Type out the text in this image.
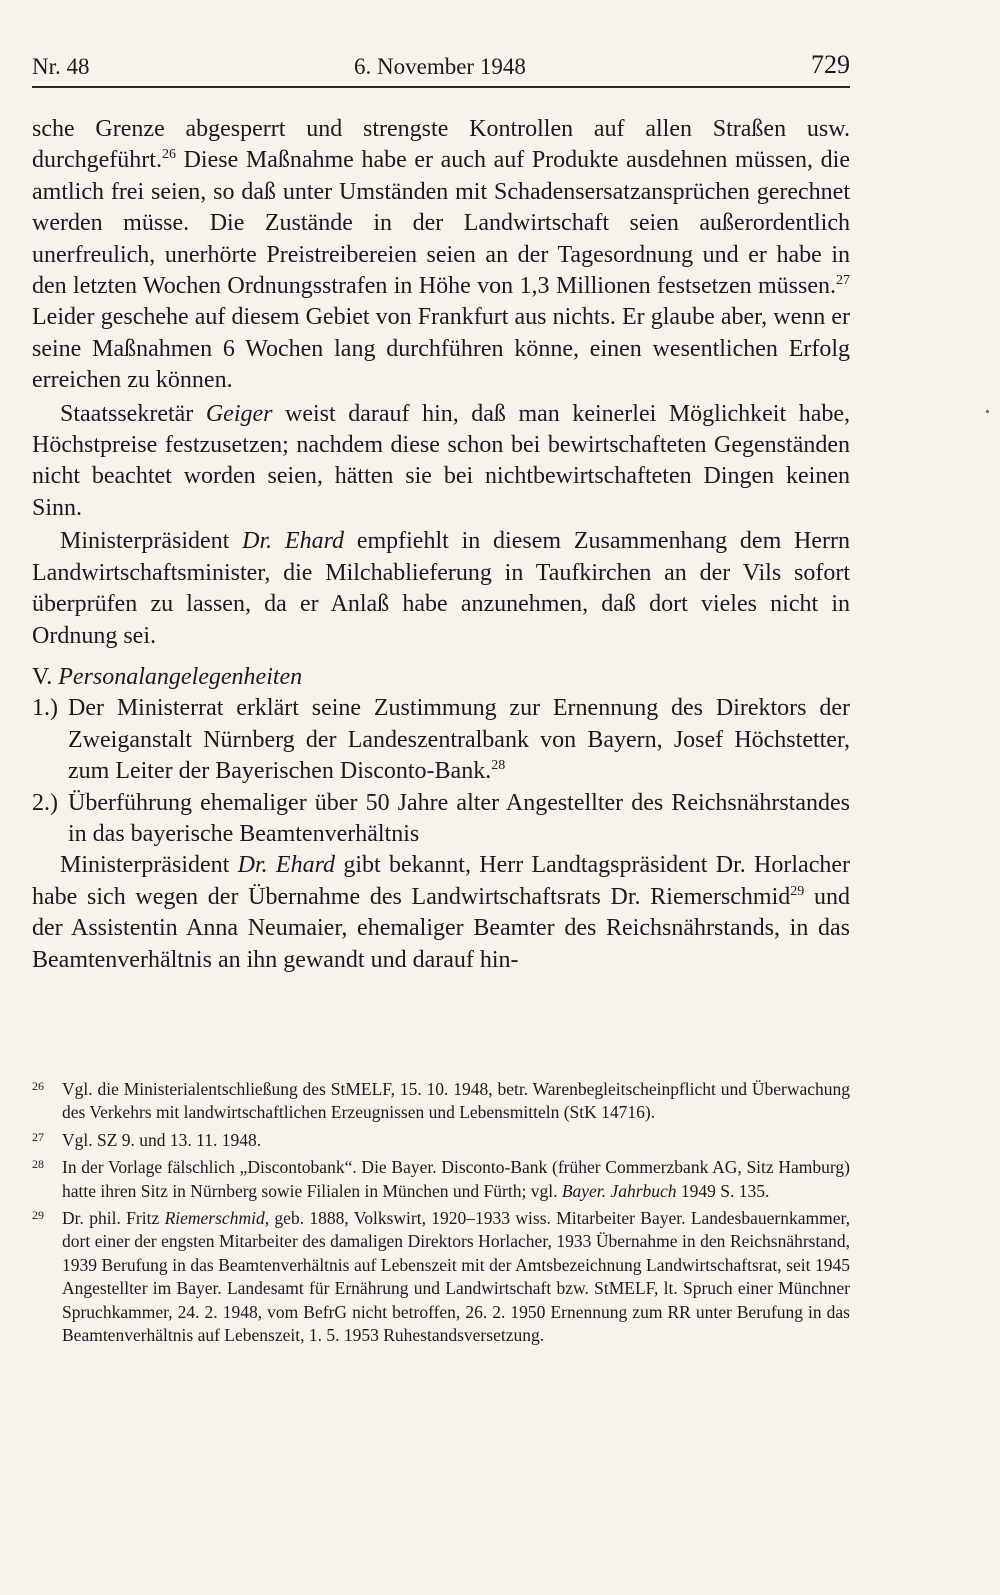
Nr. 48	6. November 1948	729

sche Grenze abgesperrt und strengste Kontrollen auf allen Straßen usw. durchgeführt.$^{26}$ Diese Maßnahme habe er auch auf Produkte ausdehnen müssen, die amtlich frei seien, so daß unter Umständen mit Schadensersatzansprüchen gerechnet werden müsse. Die Zustände in der Landwirtschaft seien außerordentlich unerfreulich, unerhörte Preistreibereien seien an der Tagesordnung und er habe in den letzten Wochen Ordnungsstrafen in Höhe von 1,3 Millionen festsetzen müssen.$^{27}$ Leider geschehe auf diesem Gebiet von Frankfurt aus nichts. Er glaube aber, wenn er seine Maßnahmen 6 Wochen lang durchführen könne, einen wesentlichen Erfolg erreichen zu können.

Staatssekretär Geiger weist darauf hin, daß man keinerlei Möglichkeit habe, Höchstpreise festzusetzen; nachdem diese schon bei bewirtschafteten Gegenständen nicht beachtet worden seien, hätten sie bei nichtbewirtschafteten Dingen keinen Sinn.

Ministerpräsident Dr. Ehard empfiehlt in diesem Zusammenhang dem Herrn Landwirtschaftsminister, die Milchablieferung in Taufkirchen an der Vils sofort überprüfen zu lassen, da er Anlaß habe anzunehmen, daß dort vieles nicht in Ordnung sei.

V. Personalangelegenheiten

1.) Der Ministerrat erklärt seine Zustimmung zur Ernennung des Direktors der Zweiganstalt Nürnberg der Landeszentralbank von Bayern, Josef Höchstetter, zum Leiter der Bayerischen Disconto-Bank.$^{28}$

2.) Überführung ehemaliger über 50 Jahre alter Angestellter des Reichsnährstandes in das bayerische Beamtenverhältnis

Ministerpräsident Dr. Ehard gibt bekannt, Herr Landtagspräsident Dr. Horlacher habe sich wegen der Übernahme des Landwirtschaftsrats Dr. Riemerschmid$^{29}$ und der Assistentin Anna Neumaier, ehemaliger Beamter des Reichsnährstands, in das Beamtenverhältnis an ihn gewandt und darauf hin-

26 Vgl. die Ministerialentschließung des StMELF, 15. 10. 1948, betr. Warenbegleitscheinpflicht und Überwachung des Verkehrs mit landwirtschaftlichen Erzeugnissen und Lebensmitteln (StK 14716).

27 Vgl. SZ 9. und 13. 11. 1948.

28 In der Vorlage fälschlich „Discontobank“. Die Bayer. Disconto-Bank (früher Commerzbank AG, Sitz Hamburg) hatte ihren Sitz in Nürnberg sowie Filialen in München und Fürth; vgl. Bayer. Jahrbuch 1949 S. 135.

29 Dr. phil. Fritz Riemerschmid, geb. 1888, Volkswirt, 1920–1933 wiss. Mitarbeiter Bayer. Landesbauernkammer, dort einer der engsten Mitarbeiter des damaligen Direktors Horlacher, 1933 Übernahme in den Reichsnährstand, 1939 Berufung in das Beamtenverhältnis auf Lebenszeit mit der Amtsbezeichnung Landwirtschaftsrat, seit 1945 Angestellter im Bayer. Landesamt für Ernährung und Landwirtschaft bzw. StMELF, lt. Spruch einer Münchner Spruchkammer, 24. 2. 1948, vom BefrG nicht betroffen, 26. 2. 1950 Ernennung zum RR unter Berufung in das Beamtenverhältnis auf Lebenszeit, 1. 5. 1953 Ruhestandsversetzung.
